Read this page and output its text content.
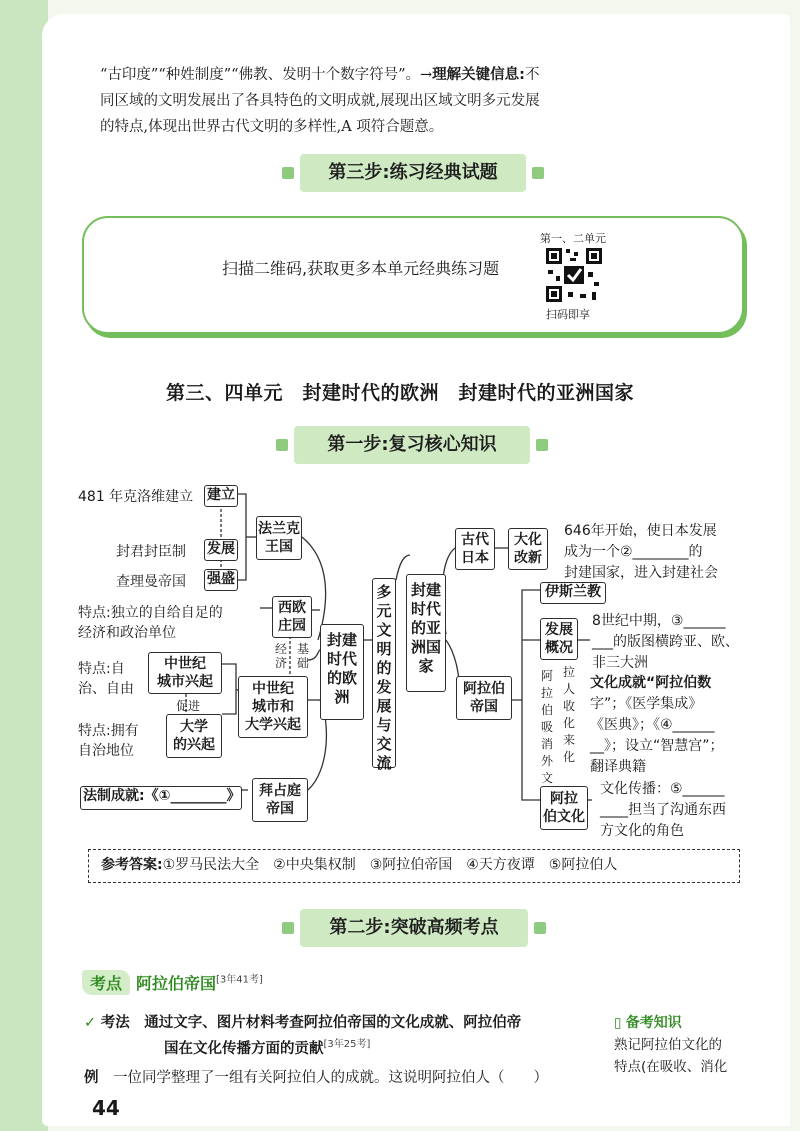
“古印度”“种姓制度”“佛教、发明十个数字符号”。→理解关键信息:不
同区域的文明发展出了各具特色的文明成就,展现出区域文明多元发展
的特点,体现出世界古代文明的多样性,A 项符合题意。
第三步:练习经典试题
扫描二维码,获取更多本单元经典练习题
第一、二单元
扫码即享
第三、四单元　封建时代的欧洲　封建时代的亚洲国家
第一步:复习核心知识
481 年克洛维建立 建立
封君封臣制 发展
查理曼帝国 强盛
法兰克
王国
特点:独立的自给自足的
经济和政治单位
西欧
庄园
经
济
基
础
特点:自
治、自由
中世纪
城市兴起
促进
特点:拥有
自治地位
大学
的兴起
中世纪
城市和
大学兴起
封建
时代
的欧
洲
法制成就:《①________》	拜占庭
帝国
多元文明的发展与交流
封建
时代
的亚
洲国
家
古代
日本
大化
改新
646年开始，使日本发展
成为一个②________的
封建国家，进入封建社会
阿拉伯
帝国
伊斯兰教
发展
概况
8世纪中期，③______
___的版图横跨亚、欧、
非三大洲
阿拉伯吸消外文
拉人收化来化
文化成就“阿拉伯数
字”；《医学集成》
《医典》；《④______
__》；设立“智慧宫”；
翻译典籍
阿拉
伯文化
文化传播：⑤______
____担当了沟通东西
方文化的角色
参考答案:①罗马民法大全　②中央集权制　③阿拉伯帝国　④天方夜谭　⑤阿拉伯人
第二步:突破高频考点
考点 阿拉伯帝国[3年41考]
✓ 考法　 通过文字、图片材料考查阿拉伯帝国的文化成就、阿拉伯帝
国在文化传播方面的贡献[3年25考]
例　 一位同学整理了一组有关阿拉伯人的成就。这说明阿拉伯人（　　）
▯ 备考知识
熟记阿拉伯文化的
特点(在吸收、消化
44
